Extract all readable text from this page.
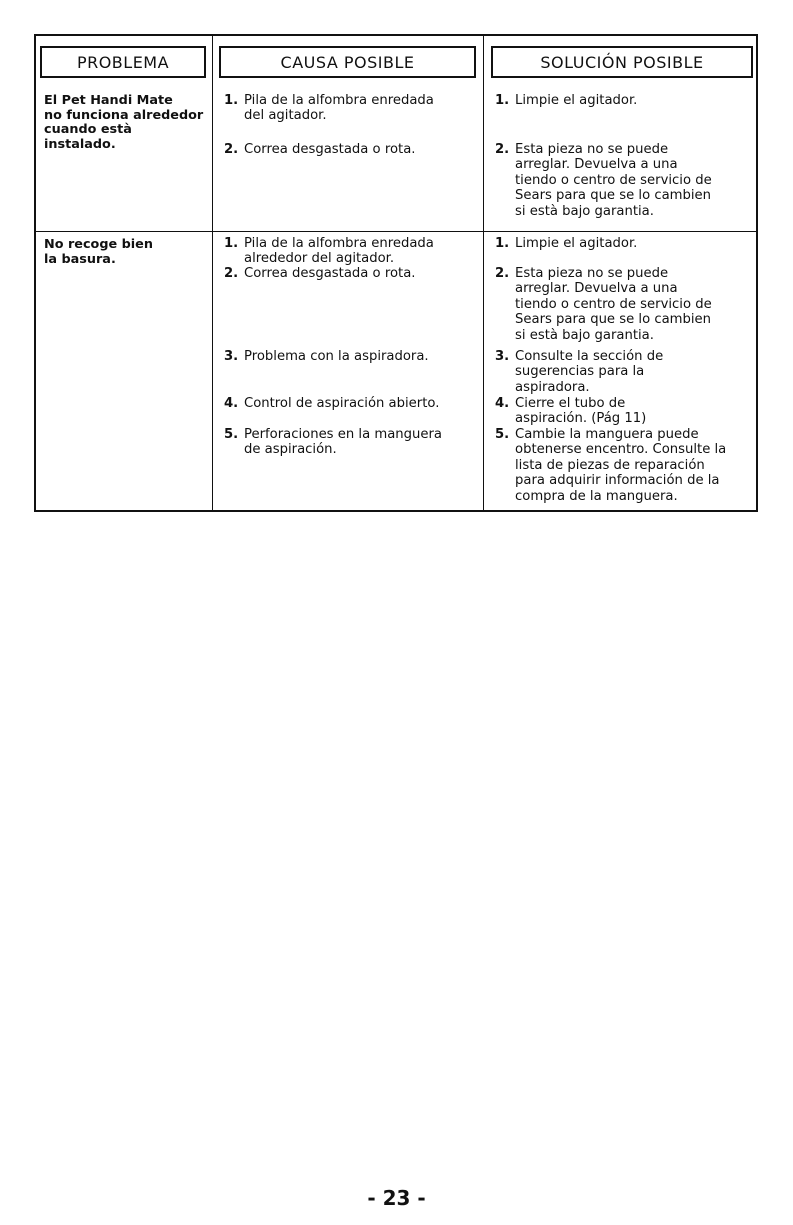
PROBLEMA	CAUSA POSIBLE	SOLUCIÓN POSIBLE
El Pet Handi Mate
no funciona alrededor
cuando està
instalado.
1. Pila de la alfombra enredada
del agitador.
2. Correa desgastada o rota.
1. Limpie el agitador.
2. Esta pieza no se puede
arreglar. Devuelva a una
tiendo o centro de servicio de
Sears para que se lo cambien
si està bajo garantia.
No recoge bien
la basura.
1. Pila de la alfombra enredada
alrededor del agitador.
2. Correa desgastada o rota.
3. Problema con la aspiradora.
4. Control de aspiración abierto.
5. Perforaciones en la manguera
de aspiración.
1. Limpie el agitador.
2. Esta pieza no se puede
arreglar. Devuelva a una
tiendo o centro de servicio de
Sears para que se lo cambien
si està bajo garantia.
3. Consulte la sección de
sugerencias para la
aspiradora.
4. Cierre el tubo de
aspiración. (Pág 11)
5. Cambie la manguera puede
obtenerse encentro. Consulte la
lista de piezas de reparación
para adquirir información de la
compra de la manguera.
- 23 -
